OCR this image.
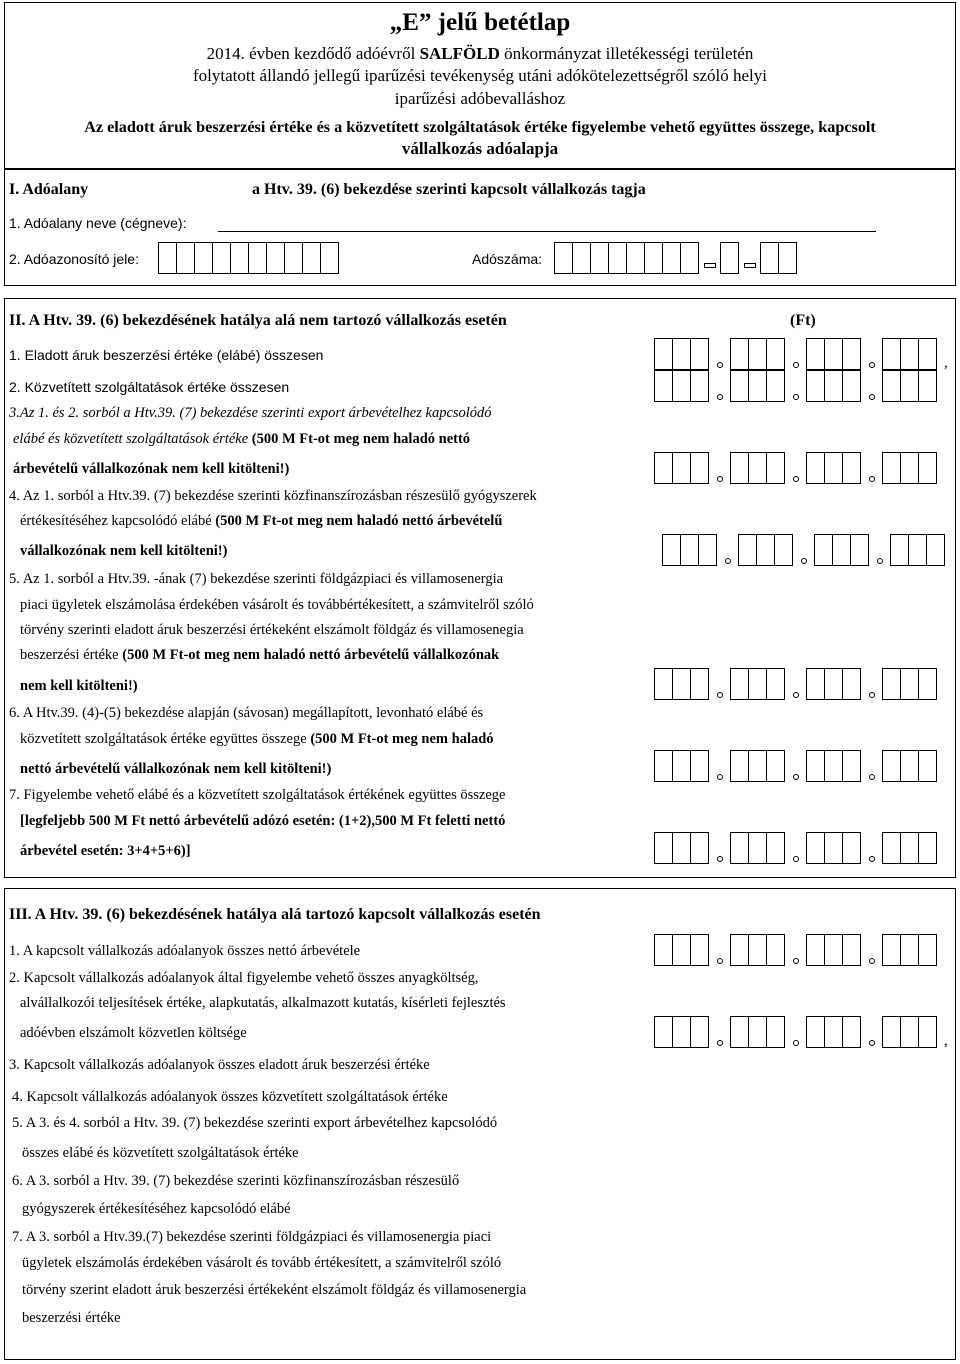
„E” jelű betétlap
2014. évben kezdődő adóévről SALFÖLD önkormányzat illetékességi területén
folytatott állandó jellegű iparűzési tevékenység utáni adókötelezettségről szóló helyi
iparűzési adóbevalláshoz
Az eladott áruk beszerzési értéke és a közvetített szolgáltatások értéke figyelembe vehető együttes összege, kapcsolt
vállalkozás adóalapja
I. Adóalany	a Htv. 39. (6) bekezdése szerinti kapcsolt vállalkozás tagja
1. Adóalany neve (cégneve):
2. Adóazonosító jele:	Adószáma:
II. A Htv. 39. (6) bekezdésének hatálya alá nem tartozó vállalkozás esetén	(Ft)
1. Eladott áruk beszerzési értéke (elábé) összesen
,
2. Közvetített szolgáltatások értéke összesen
3.Az 1. és 2. sorból a Htv.39. (7) bekezdése szerinti export árbevételhez kapcsolódó
elábé és közvetített szolgáltatások értéke (500 M Ft-ot meg nem haladó nettó
árbevételű vállalkozónak nem kell kitölteni!)
4. Az 1. sorból a Htv.39. (7) bekezdése szerinti közfinanszírozásban részesülő gyógyszerek
értékesítéséhez kapcsolódó elábé (500 M Ft-ot meg nem haladó nettó árbevételű
vállalkozónak nem kell kitölteni!)
5. Az 1. sorból a Htv.39. -ának (7) bekezdése szerinti földgázpiaci és villamosenergia
piaci ügyletek elszámolása érdekében vásárolt és továbbértékesített, a számvitelről szóló
törvény szerinti eladott áruk beszerzési értékeként elszámolt földgáz és villamosenegia
beszerzési értéke (500 M Ft-ot meg nem haladó nettó árbevételű vállalkozónak
nem kell kitölteni!)
6. A Htv.39. (4)-(5) bekezdése alapján (sávosan) megállapított, levonható elábé és
közvetített szolgáltatások értéke együttes összege (500 M Ft-ot meg nem haladó
nettó árbevételű vállalkozónak nem kell kitölteni!)
7. Figyelembe vehető elábé és a közvetített szolgáltatások értékének együttes összege
[legfeljebb 500 M Ft nettó árbevételű adózó esetén: (1+2),500 M Ft feletti nettó
árbevétel esetén: 3+4+5+6)]
III. A Htv. 39. (6) bekezdésének hatálya alá tartozó kapcsolt vállalkozás esetén
1. A kapcsolt vállalkozás adóalanyok összes nettó árbevétele
2. Kapcsolt vállalkozás adóalanyok által figyelembe vehető összes anyagköltség,
alvállalkozói teljesítések értéke, alapkutatás, alkalmazott kutatás, kísérleti fejlesztés
adóévben elszámolt közvetlen költsége
,
3. Kapcsolt vállalkozás adóalanyok összes eladott áruk beszerzési értéke
4. Kapcsolt vállalkozás adóalanyok összes közvetített szolgáltatások értéke
5. A 3. és 4. sorból a Htv. 39. (7) bekezdése szerinti export árbevételhez kapcsolódó
összes elábé és közvetített szolgáltatások értéke
6. A 3. sorból a Htv. 39. (7) bekezdése szerinti közfinanszírozásban részesülő
gyógyszerek értékesítéséhez kapcsolódó elábé
7. A 3. sorból a Htv.39.(7) bekezdése szerinti földgázpiaci és villamosenergia piaci
ügyletek elszámolás érdekében vásárolt és tovább értékesített, a számvitelről szóló
törvény szerint eladott áruk beszerzési értékeként elszámolt földgáz és villamosenergia
beszerzési értéke
